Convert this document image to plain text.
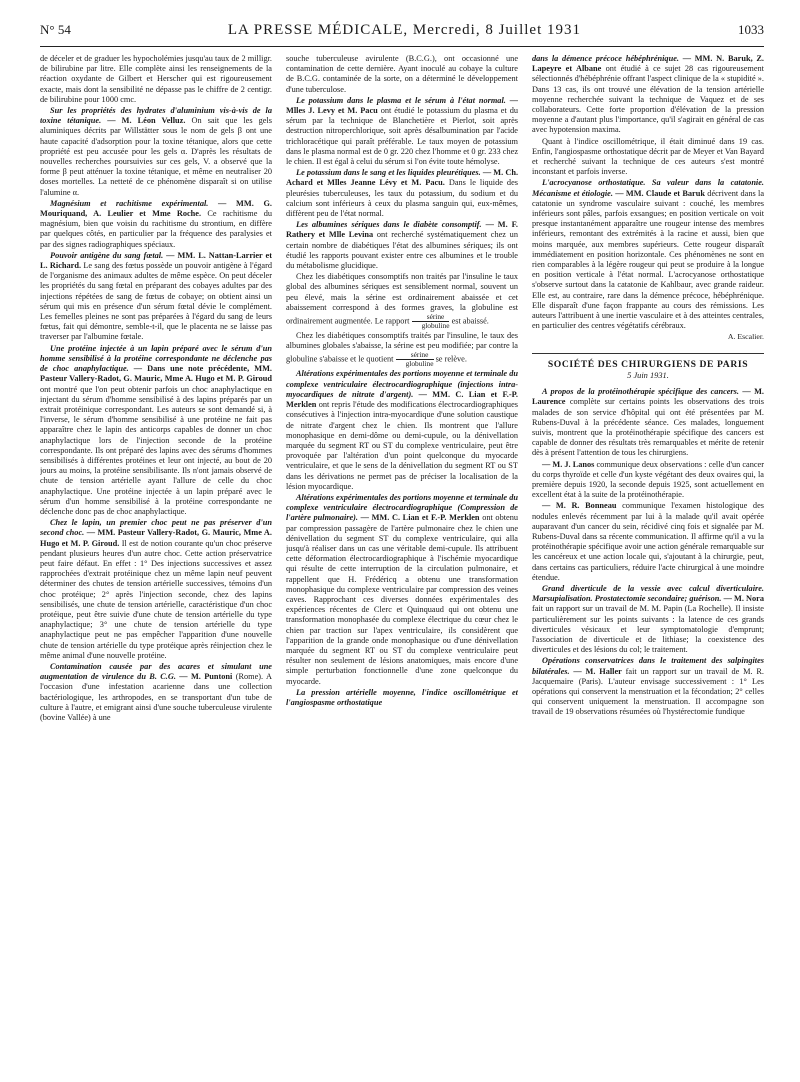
N° 54	LA PRESSE MÉDICALE, Mercredi, 8 Juillet 1931	1033

de déceler et de graduer les hypocholémies jusqu'au taux de 2 milligr. de bilirubine par litre. Elle complète ainsi les renseignements de la réaction oxydante de Gilbert et Herscher qui est rigoureusement exacte, mais dont la sensibilité ne dépasse pas le chiffre de 2 centigr. de bilirubine pour 1000 cmc.

Sur les propriétés des hydrates d'aluminium vis-à-vis de la toxine tétanique. — M. Léon Velluz. On sait que les gels aluminiques décrits par Willstätter sous le nom de gels β ont une haute capacité d'adsorption pour la toxine tétanique, alors que cette propriété est peu accusée pour les gels α. D'après les résultats de nouvelles recherches poursuivies sur ces gels, V. a observé que la forme β peut atténuer la toxine tétanique, et même en neutraliser 20 doses mortelles. La netteté de ce phénomène disparaît si on utilise l'alumine α.

Magnésium et rachitisme expérimental. — MM. G. Mouriquand, A. Leulier et Mme Roche. Ce rachitisme du magnésium, bien que voisin du rachitisme du strontium, en diffère par quelques côtés, en particulier par la fréquence des paralysies et par des signes radiographiques spéciaux.

Pouvoir antigène du sang fœtal. — MM. L. Nattan-Larrier et L. Richard. Le sang des fœtus possède un pouvoir antigène à l'égard de l'organisme des animaux adultes de même espèce. On peut déceler les propriétés du sang fœtal en préparant des cobayes adultes par des injections répétées de sang de fœtus de cobaye; on obtient ainsi un sérum qui mis en présence d'un sérum fœtal dévie le complément. Les femelles pleines ne sont pas préparées à l'égard du sang de leurs fœtus, fait qui démontre, semble-t-il, que le placenta ne se laisse pas traverser par l'albumine fœtale.

Une protéine injectée à un lapin préparé avec le sérum d'un homme sensibilisé à la protéine correspondante ne déclenche pas de choc anaphylactique. — Dans une note précédente, MM. Pasteur Vallery-Radot, G. Mauric, Mme A. Hugo et M. P. Giroud ont montré que l'on peut obtenir parfois un choc anaphylactique en injectant du sérum d'homme sensibilisé à des lapins préparés par un extrait protéinique correspondant. Les auteurs se sont demandé si, à l'inverse, le sérum d'homme sensibilisé à une protéine ne fait pas apparaître chez le lapin des anticorps capables de donner un choc anaphylactique lors de l'injection seconde de la protéine correspondante. Ils ont préparé des lapins avec des sérums d'hommes sensibilisés à différentes protéines et leur ont injecté, au bout de 20 jours au moins, la protéine sensibilisante. Ils n'ont jamais observé de chute de tension artérielle ayant l'allure de celle du choc anaphylactique. Une protéine injectée à un lapin préparé avec le sérum d'un homme sensibilisé à la protéine correspondante ne déclenche donc pas de choc anaphylactique.

Chez le lapin, un premier choc peut ne pas préserver d'un second choc. — MM. Pasteur Vallery-Radot, G. Mauric, Mme A. Hugo et M. P. Giroud. Il est de notion courante qu'un choc préserve pendant plusieurs heures d'un autre choc. Cette action préservatrice peut faire défaut. En effet : 1° Des injections successives et assez rapprochées d'extrait protéinique chez un même lapin neuf peuvent déterminer des chutes de tension artérielle successives, témoins d'un choc protéique; 2° après l'injection seconde, chez des lapins sensibilisés, une chute de tension artérielle, caractéristique d'un choc protéique, peut être suivie d'une chute de tension artérielle du type anaphylactique; 3° une chute de tension artérielle du type anaphylactique peut ne pas empêcher l'apparition d'une nouvelle chute de tension artérielle du type protéique après réinjection chez le même animal d'une nouvelle protéine.

Contamination causée par des acares et simulant une augmentation de virulence du B. C.G. — M. Puntoni (Rome). A l'occasion d'une infestation acarienne dans une collection bactériologique, les arthropodes, en se transportant d'un tube de culture à l'autre, et emigrant ainsi d'une souche tuberculeuse virulente (bovine Vallée) à une

souche tuberculeuse avirulente (B.C.G.), ont occasionné une contamination de cette dernière. Ayant inoculé au cobaye la culture de B.C.G. contaminée de la sorte, on a déterminé le développement d'une tuberculose.

Le potassium dans le plasma et le sérum à l'état normal. — Mlles J. Levy et M. Pacu ont étudié le potassium du plasma et du sérum par la technique de Blanchetière et Pierlot, soit après destruction nitroperchlorique, soit après désalbumination par l'acide trichloracétique qui paraît préférable. Le taux moyen de potassium dans le plasma normal est de 0 gr. 220 chez l'homme et 0 gr. 233 chez le chien. Il est égal à celui du sérum si l'on évite toute hémolyse.

Le potassium dans le sang et les liquides pleurétiques. — M. Ch. Achard et Mlles Jeanne Lévy et M. Pacu. Dans le liquide des pleurésies tuberculeuses, les taux du potassium, du sodium et du calcium sont inférieurs à ceux du plasma sanguin qui, eux-mêmes, diffèrent peu de l'état normal.

Les albumines sériques dans le diabète consomptif. — M. F. Rathery et Mlle Levina ont recherché systématiquement chez un certain nombre de diabétiques l'état des albumines sériques; ils ont étudié les rapports pouvant exister entre ces albumines et le trouble du métabolisme glucidique.

Chez les diabétiques consomptifs non traités par l'insuline le taux global des albumines sériques est sensiblement normal, souvent un peu élevé, mais la sérine est ordinairement abaissée et cet abaissement correspond à des formes graves, la globuline est ordinairement augmentée. Le rapport $\frac{\text{sérine}}{\text{globuline}}$ est abaissé.

Chez les diabétiques consomptifs traités par l'insuline, le taux des albumines globales s'abaisse, la sérine est peu modifiée; par contre la globuline s'abaisse et le quotient $\frac{\text{sérine}}{\text{globuline}}$ se relève.

Altérations expérimentales des portions moyenne et terminale du complexe ventriculaire électrocardiographique (injections intra-myocardiques de nitrate d'argent). — MM. C. Lian et F.-P. Merklen ont repris l'étude des modifications électrocardiographiques consécutives à l'injection intra-myocardique d'une solution caustique de nitrate d'argent chez le chien. Ils montrent que l'allure monophasique en demi-dôme ou demi-cupule, ou la dénivellation marquée du segment RT ou ST du complexe ventriculaire, peut être provoquée par l'altération d'un point quelconque du myocarde ventriculaire, et que le sens de la dénivellation du segment RT ou ST dans les dérivations ne permet pas de préciser la localisation de la lésion myocardique.

Altérations expérimentales des portions moyenne et terminale du complexe ventriculaire électrocardiographique (Compression de l'artère pulmonaire). — MM. C. Lian et F.-P. Merklen ont obtenu par compression passagère de l'artère pulmonaire chez le chien une dénivellation du segment ST du complexe ventriculaire, qui alla jusqu'à réaliser dans un cas une véritable demi-cupule. Ils attribuent cette déformation électrocardiographique à l'ischémie myocardique qui résulte de cette interruption de la circulation pulmonaire, et rappellent que H. Frédéricq a obtenu une transformation monophasique du complexe ventriculaire par compression des veines caves. Rapprochant ces diverses données expérimentales des expériences récentes de Clerc et Quinquaud qui ont obtenu une transformation monophasée du complexe électrique du cœur chez le chien par traction sur l'apex ventriculaire, ils considèrent que l'apparition de la grande onde monophasique ou d'une dénivellation marquée du segment RT ou ST du complexe ventriculaire peut résulter non seulement de lésions anatomiques, mais encore d'une simple perturbation fonctionnelle d'une zone quelconque du myocarde.

La pression artérielle moyenne, l'indice oscillométrique et l'angiospasme orthostatique

dans la démence précoce hébéphrénique. — MM. N. Baruk, Z. Lapeyre et Albane ont étudié à ce sujet 28 cas rigoureusement sélectionnés d'hébéphrénie offrant l'aspect clinique de la « stupidité ». Dans 13 cas, ils ont trouvé une élévation de la tension artérielle moyenne recherchée suivant la technique de Vaquez et de ses collaborateurs. Cette forte proportion d'élévation de la pression moyenne a d'autant plus l'importance, qu'il s'agirait en général de cas avec hypotension maxima.

Quant à l'indice oscillométrique, il était diminué dans 19 cas. Enfin, l'angiospasme orthostatique décrit par de Meyer et Van Bayard et recherché suivant la technique de ces auteurs s'est montré inconstant et parfois inverse.

L'acrocyanose orthostatique. Sa valeur dans la catatonie. Mécanisme et étiologie. — MM. Claude et Baruk décrivent dans la catatonie un syndrome vasculaire suivant : couché, les membres inférieurs sont pâles, parfois exsangues; en position verticale on voit presque instantanément apparaître une rougeur intense des membres inférieurs, remontant des extrémités à la racine et aussi, bien que moins marquée, aux membres supérieurs. Cette rougeur disparaît immédiatement en position horizontale. Ces phénomènes ne sont en rien comparables à la légère rougeur qui peut se produire à la longue en position verticale à l'état normal. L'acrocyanose orthostatique s'observe surtout dans la catatonie de Kahlbaur, avec grande raideur. Elle est, au contraire, rare dans la démence précoce, hébéphrénique. Elle disparaît d'une façon frappante au cours des rémissions. Les auteurs l'attribuent à une inertie vasculaire et à des atteintes centrales, en particulier des centres végétatifs cérébraux.

A. Escalier.

SOCIÉTÉ DES CHIRURGIENS DE PARIS
5 Juin 1931.

A propos de la protéinothérapie spécifique des cancers. — M. Laurence complète sur certains points les observations des trois malades de son service d'hôpital qui ont été présentées par M. Rubens-Duval à la précédente séance. Ces malades, longuement suivis, montrent que la protéinothérapie spécifique des cancers est capable de donner des résultats très remarquables et mérite de retenir dès à présent l'attention de tous les chirurgiens.

— M. J. Lanos communique deux observations : celle d'un cancer du corps thyroïde et celle d'un kyste végétant des deux ovaires qui, la première depuis 1920, la seconde depuis 1925, sont actuellement en excellent état à la suite de la protéinothérapie.

— M. R. Bonneau communique l'examen histologique des nodules enlevés récemment par lui à la malade qu'il avait opérée auparavant d'un cancer du sein, récidivé cinq fois et signalée par M. Rubens-Duval dans sa récente communication. Il affirme qu'il a vu la protéinothérapie spécifique avoir une action générale remarquable sur les cancéreux et une action locale qui, s'ajoutant à la chirurgie, peut, dans certains cas particuliers, réduire l'acte chirurgical à une moindre étendue.

Grand diverticule de la vessie avec calcul diverticulaire. Marsupialisation. Prostatectomie secondaire; guérison. — M. Nora fait un rapport sur un travail de M. M. Papin (La Rochelle). Il insiste particulièrement sur les points suivants : la latence de ces grands diverticules vésicaux et leur symptomatologie d'emprunt; l'association de diverticule et de lithiase; la coexistence des diverticules et des lésions du col; le traitement.

Opérations conservatrices dans le traitement des salpingites bilatérales. — M. Haller fait un rapport sur un travail de M. R. Jacquemaire (Paris). L'auteur envisage successivement : 1° Les opérations qui conservent la menstruation et la fécondation; 2° celles qui conservent uniquement la menstruation. Il accompagne son travail de 19 observations résumées où l'hystérectomie fundique
